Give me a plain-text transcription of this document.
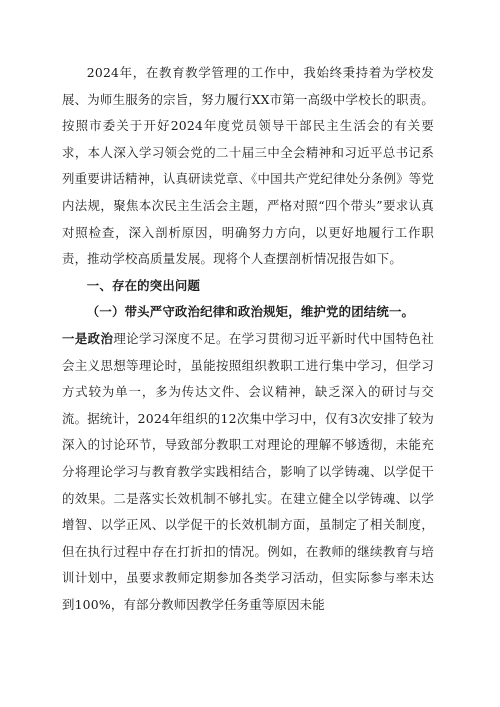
2024年，在教育教学管理的工作中，我始终秉持着为学校发展、为师生服务的宗旨，努力履行XX市第一高级中学校长的职责。按照市委关于开好2024年度党员领导干部民主生活会的有关要求，本人深入学习领会党的二十届三中全会精神和习近平总书记系列重要讲话精神，认真研读党章、《中国共产党纪律处分条例》等党内法规，聚焦本次民主生活会主题，严格对照“四个带头”要求认真对照检查，深入剖析原因，明确努力方向，以更好地履行工作职责，推动学校高质量发展。现将个人查摆剖析情况报告如下。

一、存在的突出问题

（一）带头严守政治纪律和政治规矩，维护党的团结统一。

一是政治理论学习深度不足。在学习贯彻习近平新时代中国特色社会主义思想等理论时，虽能按照组织教职工进行集中学习，但学习方式较为单一，多为传达文件、会议精神，缺乏深入的研讨与交流。据统计，2024年组织的12次集中学习中，仅有3次安排了较为深入的讨论环节，导致部分教职工对理论的理解不够透彻，未能充分将理论学习与教育教学实践相结合，影响了以学铸魂、以学促干的效果。二是落实长效机制不够扎实。在建立健全以学铸魂、以学增智、以学正风、以学促干的长效机制方面，虽制定了相关制度，但在执行过程中存在打折扣的情况。例如，在教师的继续教育与培训计划中，虽要求教师定期参加各类学习活动，但实际参与率未达到100%，有部分教师因教学任务重等原因未能
